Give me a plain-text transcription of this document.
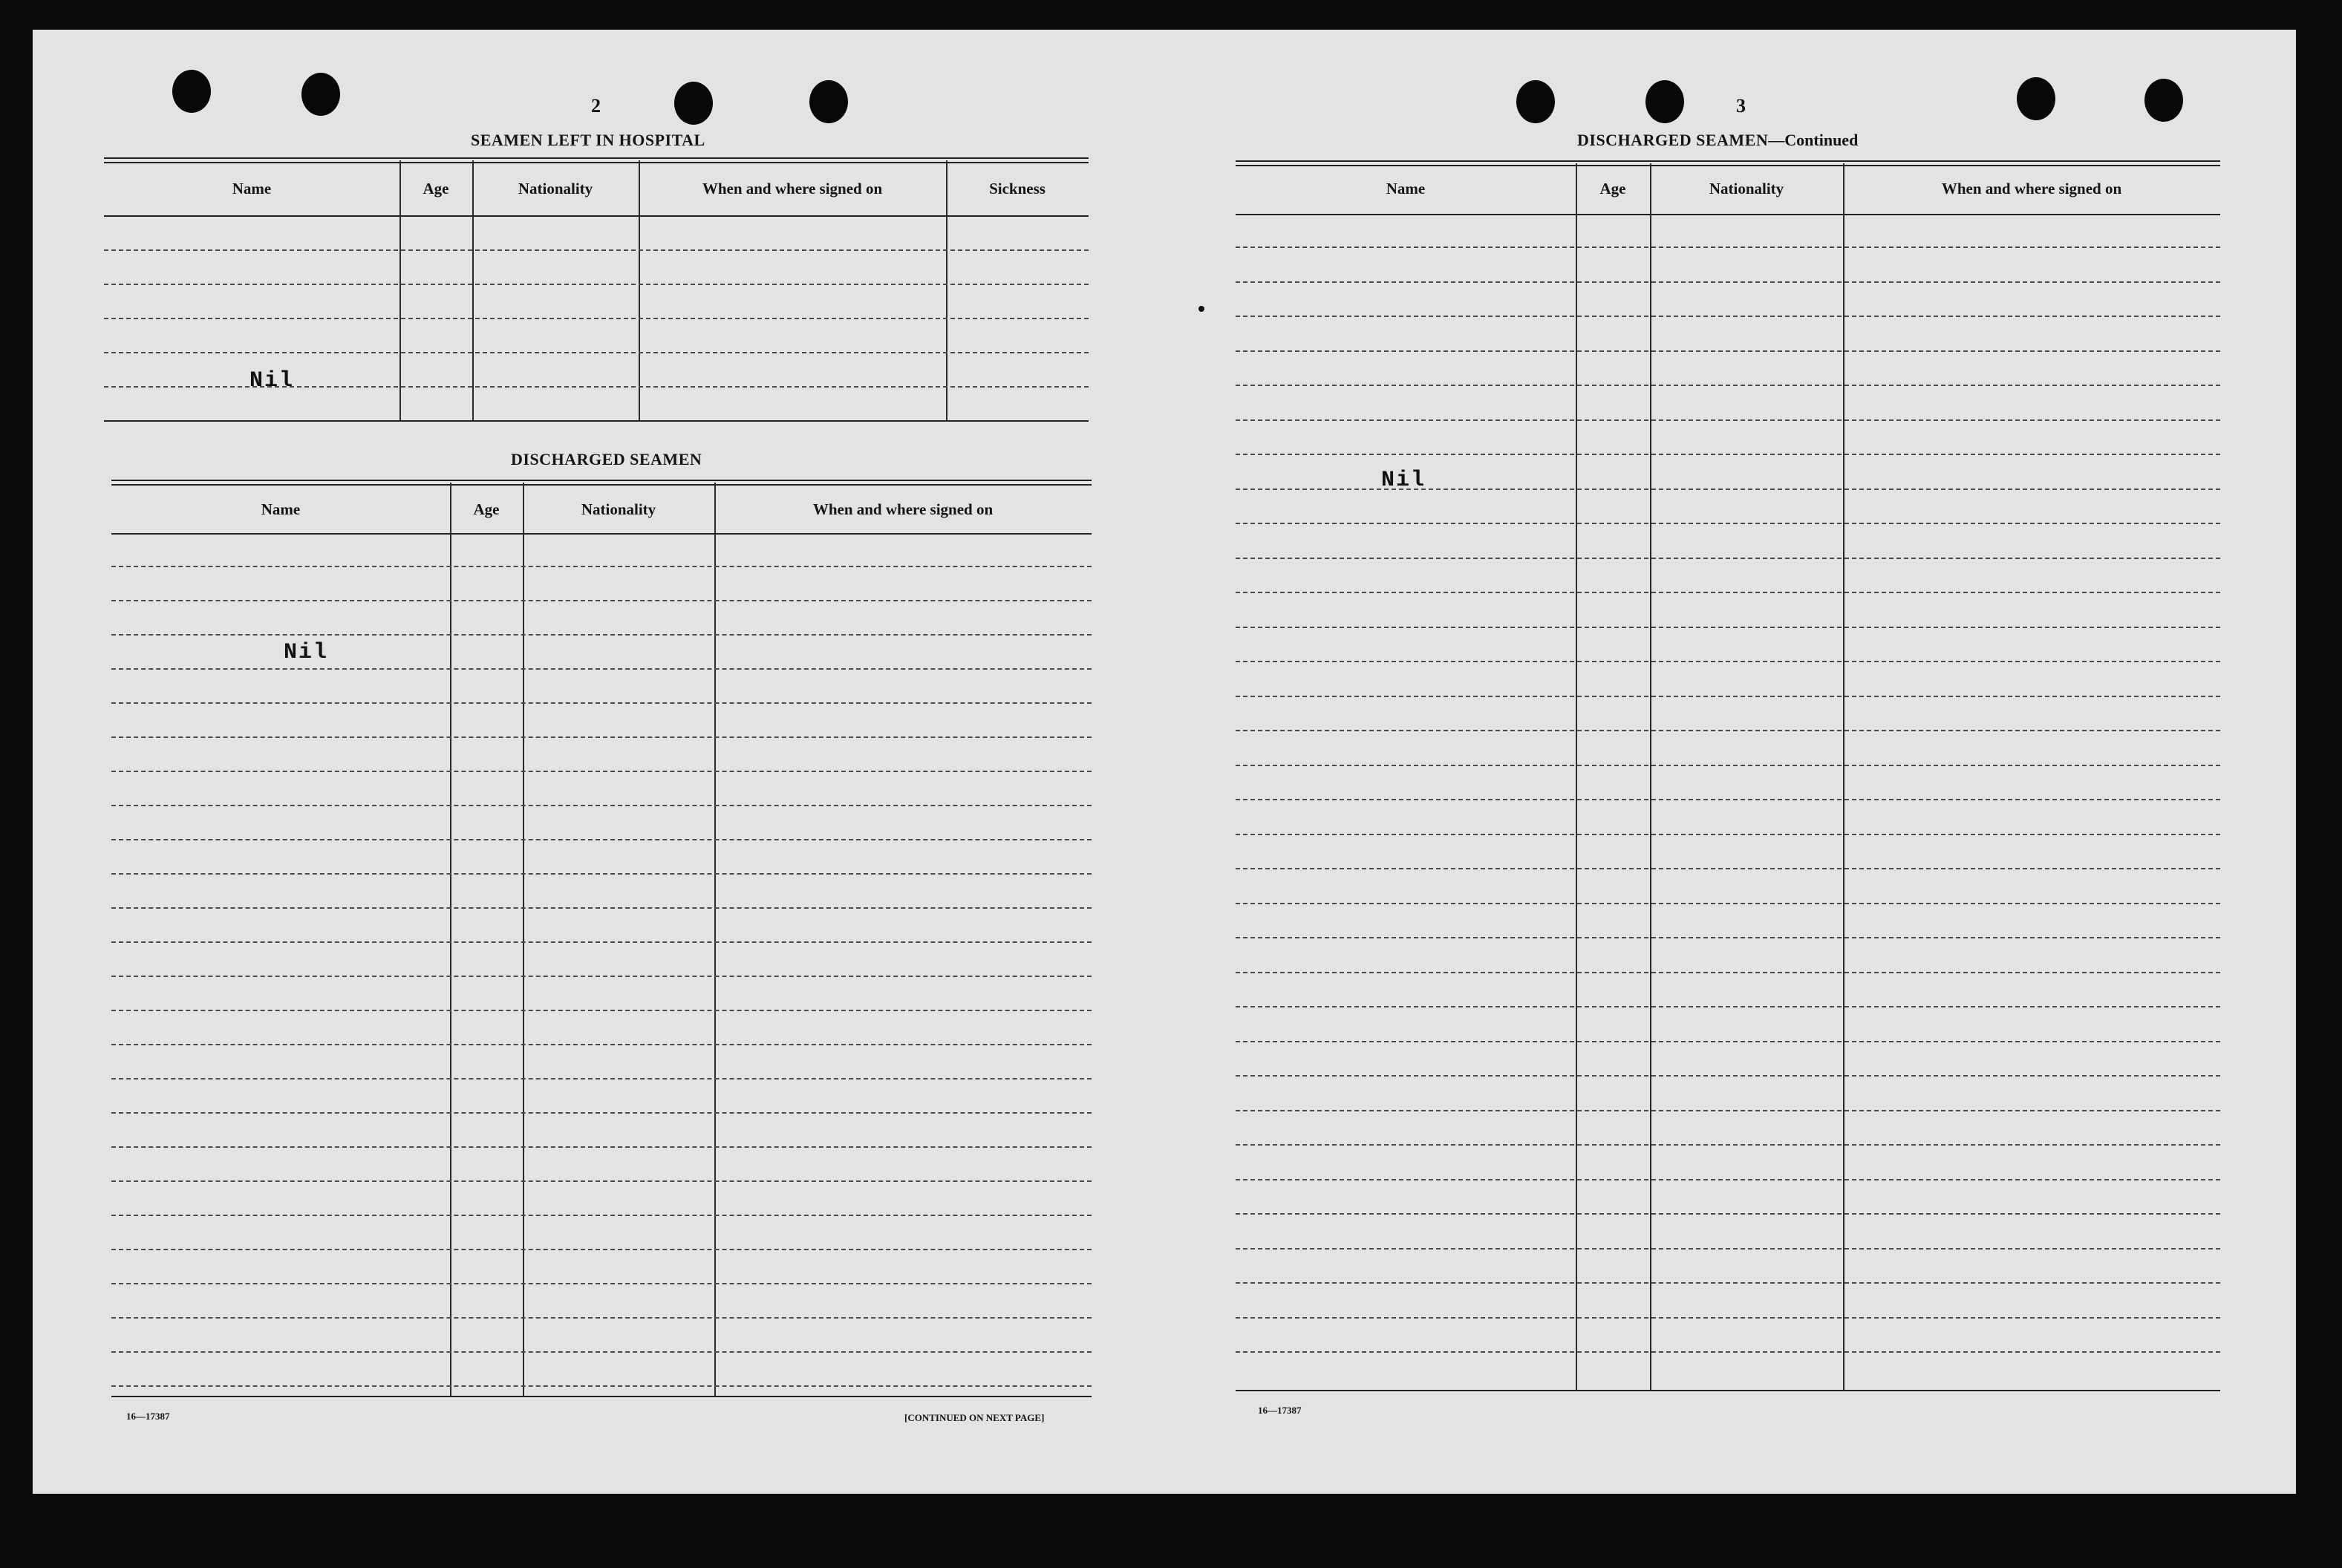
2
SEAMEN LEFT IN HOSPITAL
Name	Age	Nationality	When and where signed on	Sickness
Nil
DISCHARGED SEAMEN
Name	Age	Nationality	When and where signed on
Nil
16—17387	[CONTINUED ON NEXT PAGE]
3
DISCHARGED SEAMEN—Continued
Name	Age	Nationality	When and where signed on
Nil
16—17387
